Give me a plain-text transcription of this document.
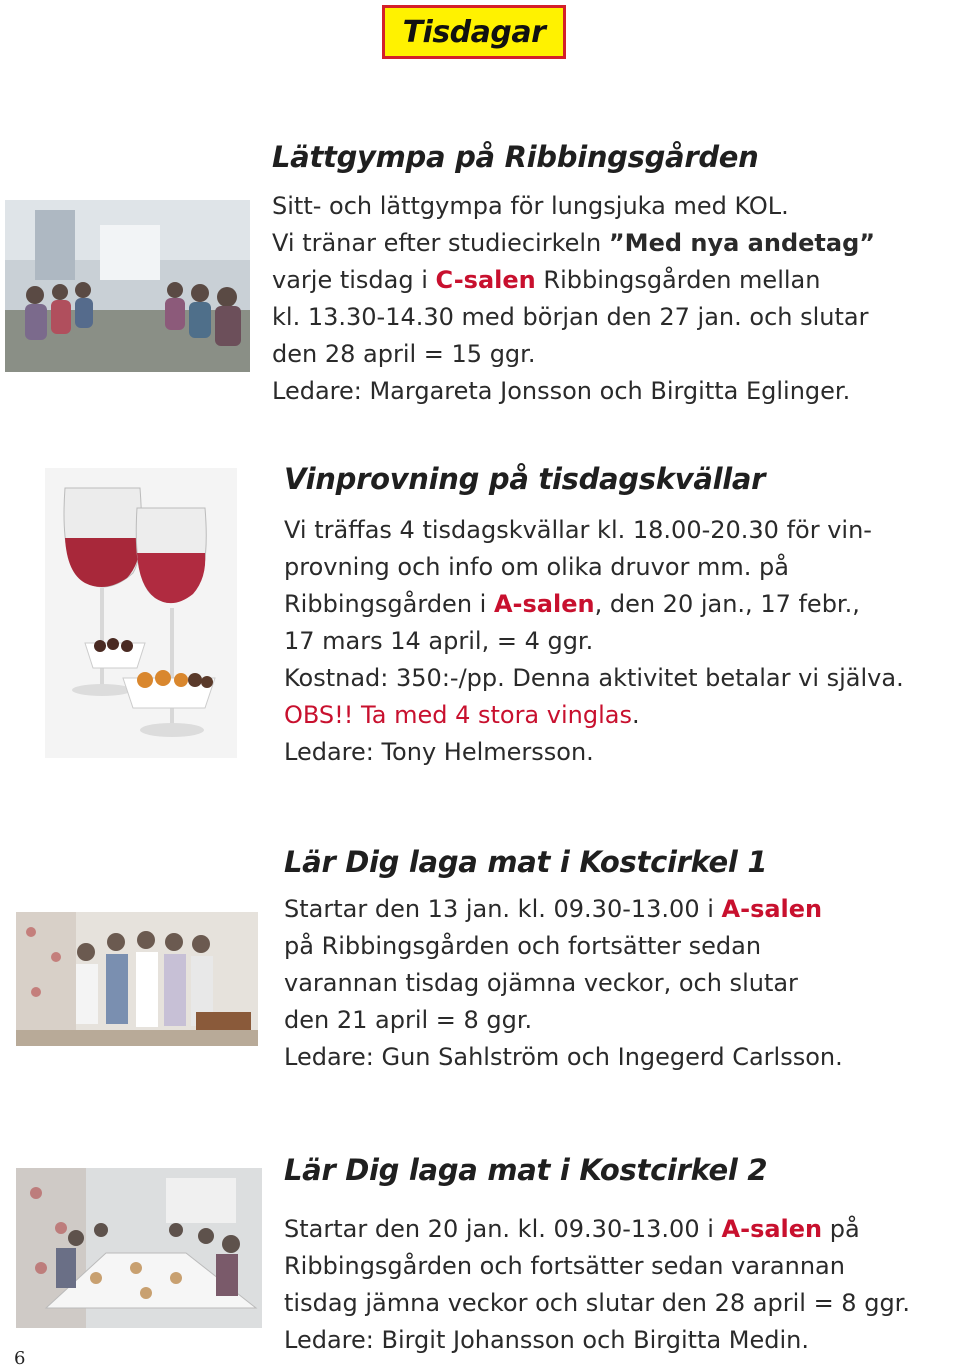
Tisdagar
Lättgympa på Ribbingsgården

Sitt- och lättgympa för lungsjuka med KOL.

Vi tränar efter studiecirkeln ”Med nya andetag”

varje tisdag i C-salen Ribbingsgården mellan

kl. 13.30-14.30 med början den 27 jan. och slutar

den 28 april = 15 ggr.

Ledare: Margareta Jonsson och Birgitta Eglinger.

Vinprovning på tisdagskvällar

Vi träffas 4 tisdagskvällar kl. 18.00-20.30 för vin-

provning och info om olika druvor mm. på

Ribbingsgården i A-salen, den 20 jan., 17 febr.,

17 mars 14 april, = 4 ggr.

Kostnad: 350:-/pp. Denna aktivitet betalar vi själva.

OBS!! Ta med 4 stora vinglas.

Ledare: Tony Helmersson.

Lär Dig laga mat i Kostcirkel 1

Startar den 13 jan. kl. 09.30-13.00 i A-salen

på Ribbingsgården och fortsätter sedan

varannan tisdag ojämna veckor, och slutar

den 21 april = 8 ggr.

Ledare: Gun Sahlström och Ingegerd Carlsson.

Lär Dig laga mat i Kostcirkel 2

Startar den 20 jan. kl. 09.30-13.00 i A-salen på

Ribbingsgården och fortsätter sedan varannan

tisdag jämna veckor och slutar den 28 april = 8 ggr.

Ledare: Birgit Johansson och Birgitta Medin.

6
